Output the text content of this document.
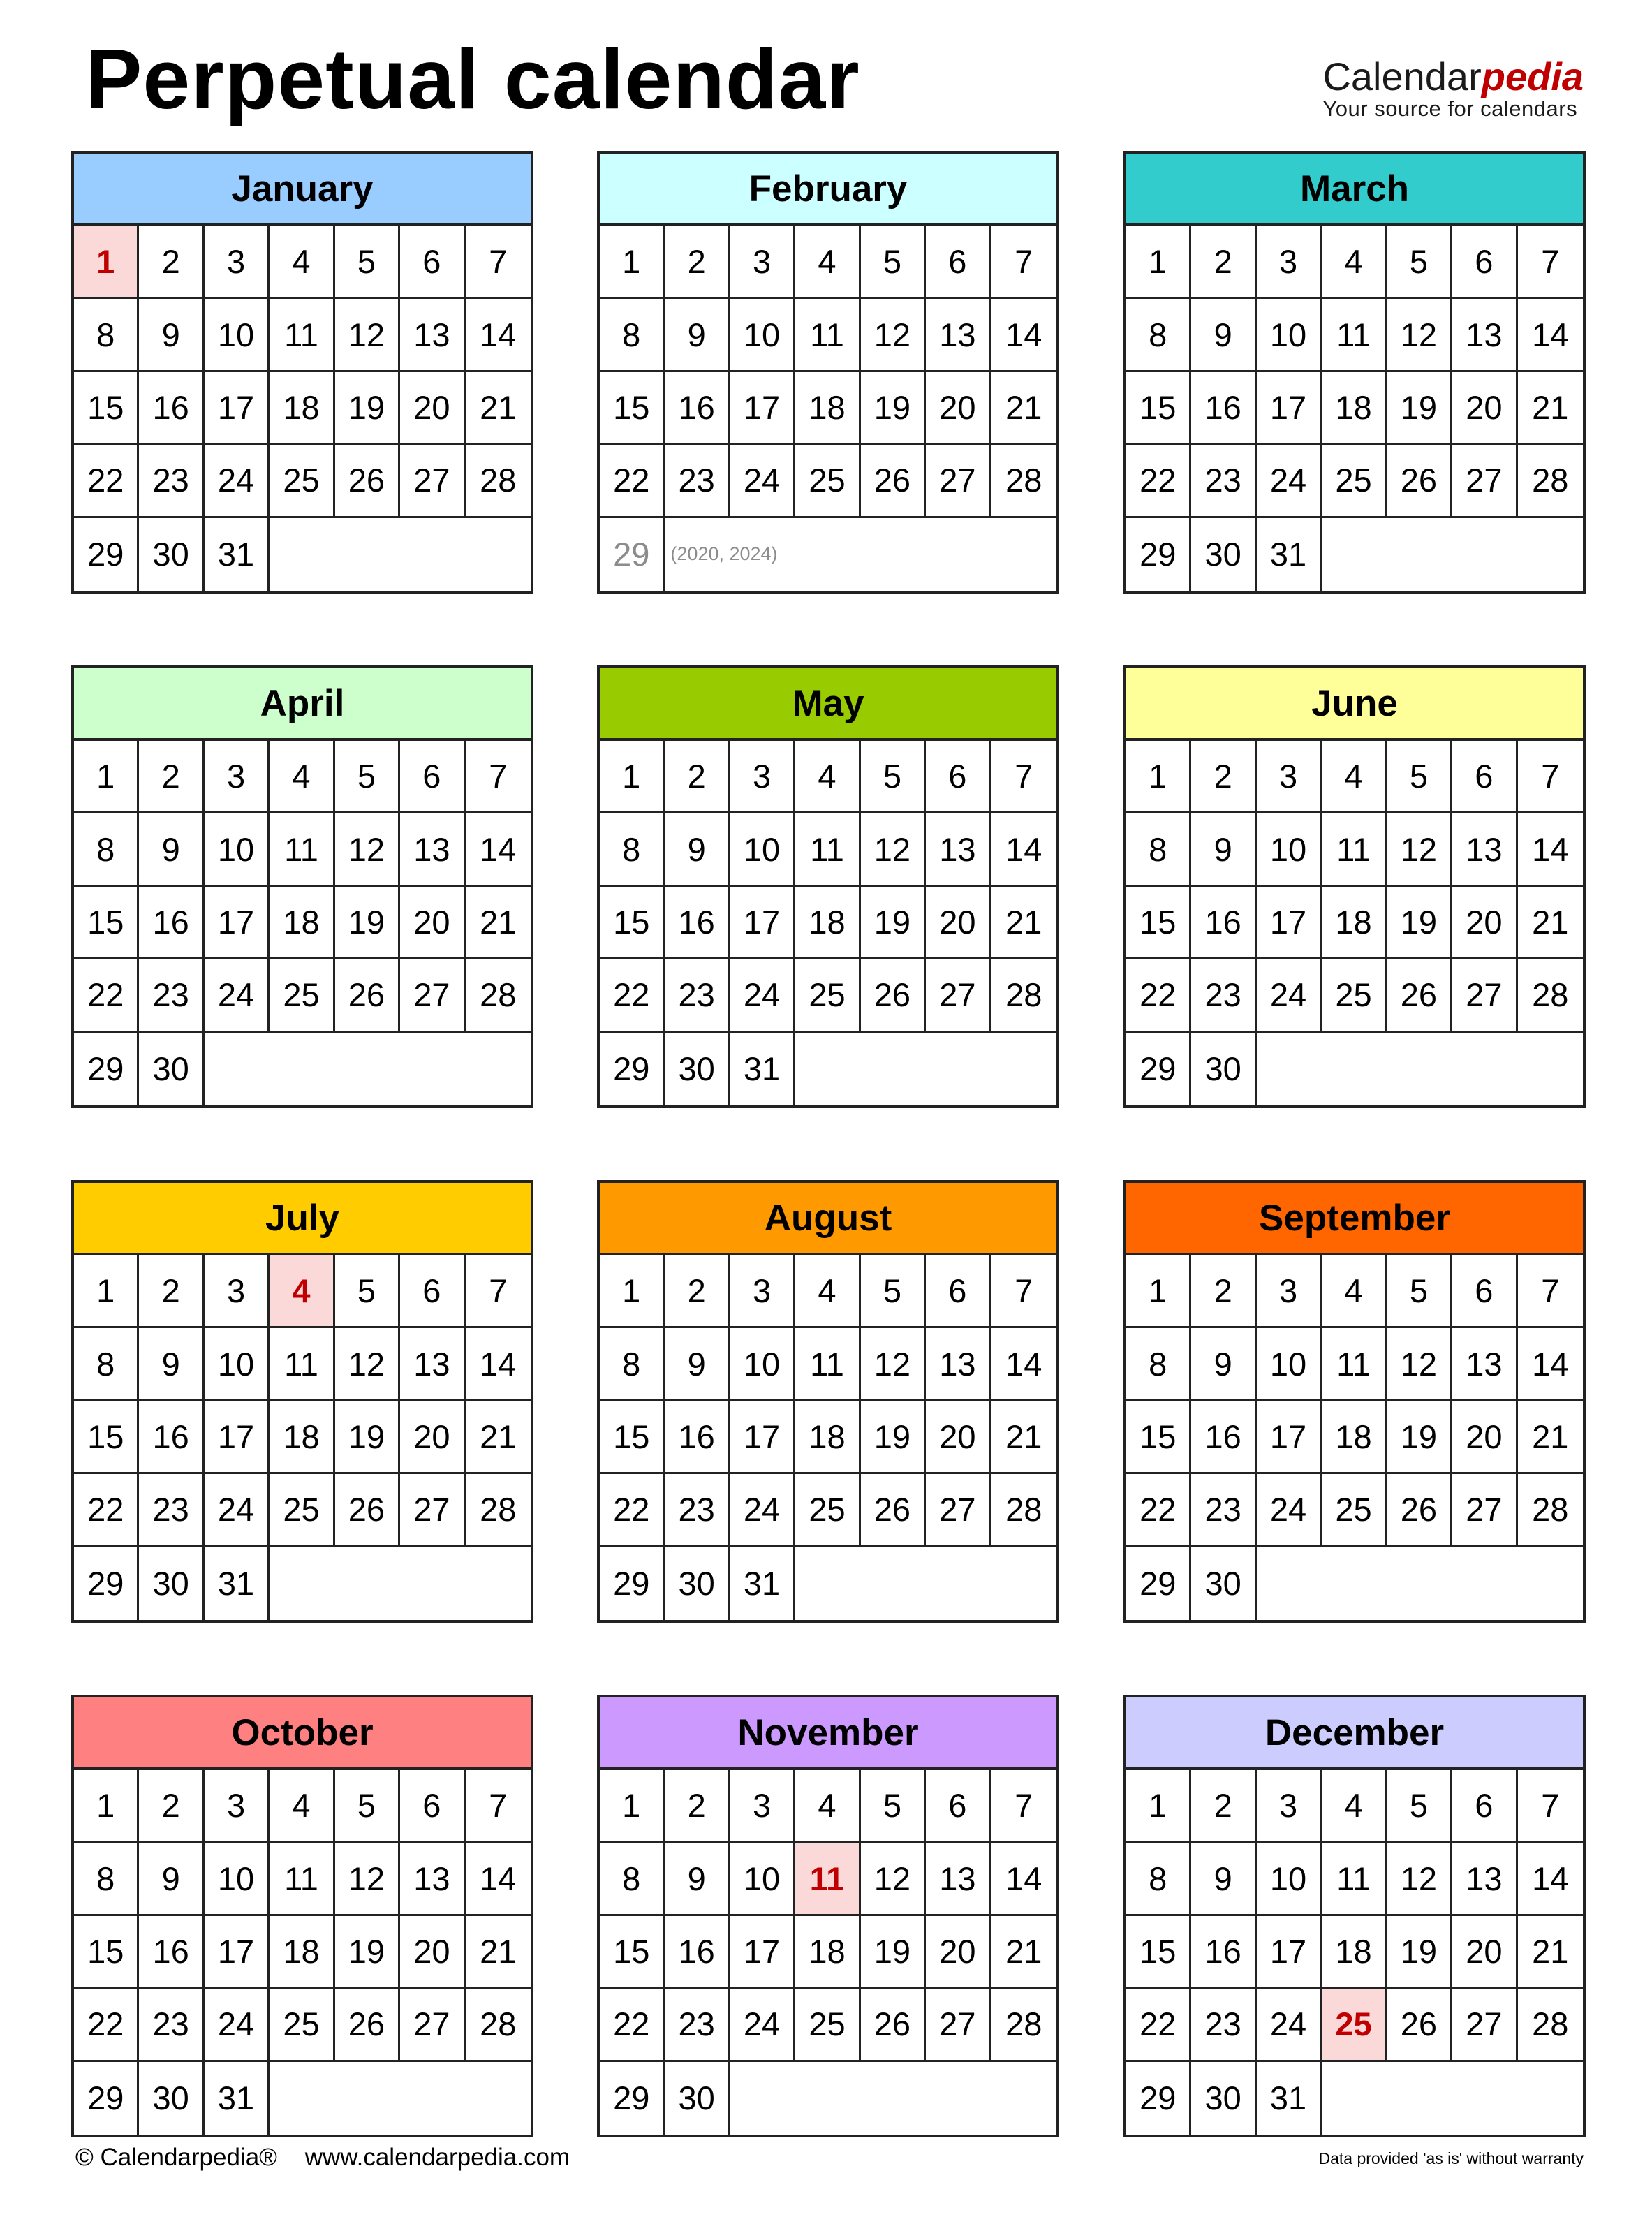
Perpetual calendar	Calendarpedia
Your source for calendars
January
1	2	3	4	5	6	7
8	9	10 11 12 13 14
15 16 17 18 19 20 21
22 23 24 25 26 27 28
29 30 31
February
1	2	3	4	5	6	7
8	9	10 11 12 13 14
15 16 17 18 19 20 21
22 23 24 25 26 27 28
29	(2020, 2024)
March
1	2	3	4	5	6	7
8	9	10 11 12 13 14
15 16 17 18 19 20 21
22 23 24 25 26 27 28
29 30 31
April
1	2	3	4	5	6	7
8	9	10 11 12 13 14
15 16 17 18 19 20 21
22 23 24 25 26 27 28
29 30
May
1	2	3	4	5	6	7
8	9	10 11 12 13 14
15 16 17 18 19 20 21
22 23 24 25 26 27 28
29 30 31
June
1	2	3	4	5	6	7
8	9	10 11 12 13 14
15 16 17 18 19 20 21
22 23 24 25 26 27 28
29 30
July
1	2	3	4	5	6	7
8	9	10 11 12 13 14
15 16 17 18 19 20 21
22 23 24 25 26 27 28
29 30 31
August
1	2	3	4	5	6	7
8	9	10 11 12 13 14
15 16 17 18 19 20 21
22 23 24 25 26 27 28
29 30 31
September
1	2	3	4	5	6	7
8	9	10 11 12 13 14
15 16 17 18 19 20 21
22 23 24 25 26 27 28
29 30
October
1	2	3	4	5	6	7
8	9	10 11 12 13 14
15 16 17 18 19 20 21
22 23 24 25 26 27 28
29 30 31
November
1	2	3	4	5	6	7
8	9	10 11 12 13 14
15 16 17 18 19 20 21
22 23 24 25 26 27 28
29 30
December
1	2	3	4	5	6	7
8	9	10 11 12 13 14
15 16 17 18 19 20 21
22 23 24 25 26 27 28
29 30 31
© Calendarpedia® www.calendarpedia.com	Data provided 'as is' without warranty
